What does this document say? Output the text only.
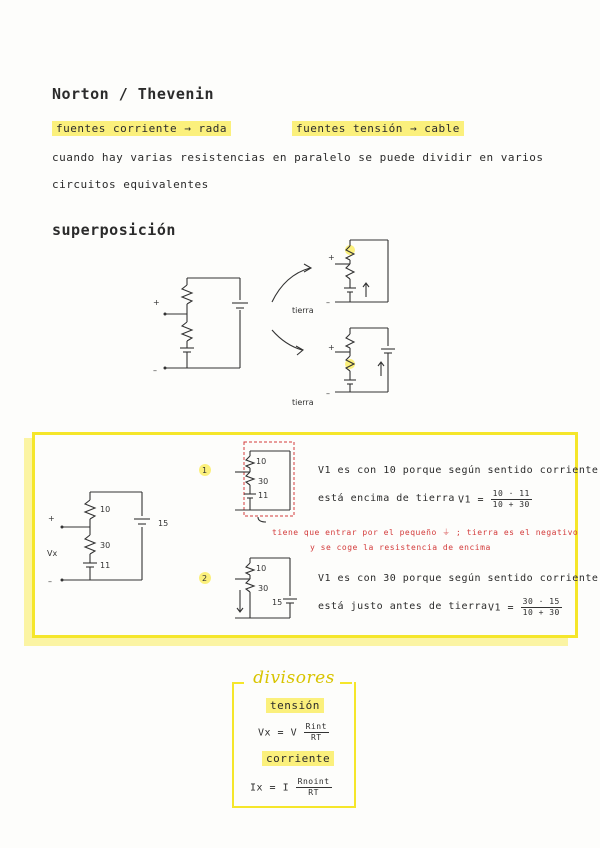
Norton / Thevenin
fuentes corriente → rada	fuentes tensión → cable
cuando hay varias resistencias en paralelo se puede dividir en varios
circuitos equivalentes
superposición
+
–
+
–
tierra
+
–
tierra
10
30
11
15
+
–
Vx
1
10
30
11
2
10
30
15
V1 es con 10 porque según sentido corriente
está encima de tierra $V1 = \frac{10 \cdot 11}{10 + 30}$
tiene que entrar por el pequeño ⏚ ; tierra es el negativo
y se coge la resistencia de encima
V1 es con 30 porque según sentido corriente
está justo antes de tierra $V1 = \frac{30 \cdot 15}{10 + 30}$
divisores
tensión
Vx = V $\frac{\text{Rint}}{RT}$
corriente
Ix = I $\frac{\text{Rnoint}}{RT}$
